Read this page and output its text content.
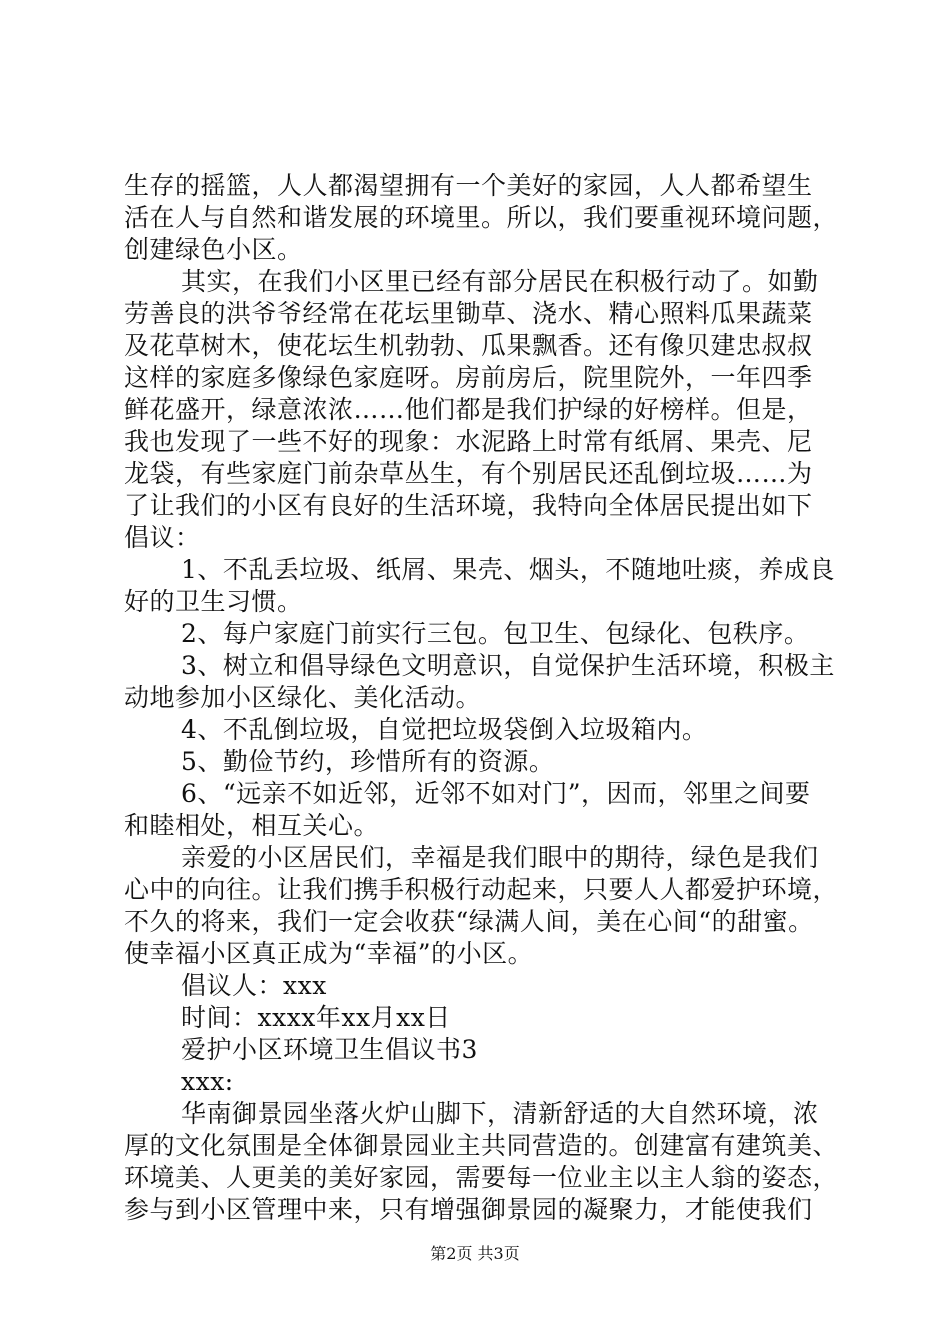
生存的摇篮，人人都渴望拥有一个美好的家园，人人都希望生
活在人与自然和谐发展的环境里。所以，我们要重视环境问题，
创建绿色小区。
其实，在我们小区里已经有部分居民在积极行动了。如勤
劳善良的洪爷爷经常在花坛里锄草、浇水、精心照料瓜果蔬菜
及花草树木，使花坛生机勃勃、瓜果飘香。还有像贝建忠叔叔
这样的家庭多像绿色家庭呀。房前房后，院里院外，一年四季
鲜花盛开，绿意浓浓……他们都是我们护绿的好榜样。但是，
我也发现了一些不好的现象：水泥路上时常有纸屑、果壳、尼
龙袋，有些家庭门前杂草丛生，有个别居民还乱倒垃圾……为
了让我们的小区有良好的生活环境，我特向全体居民提出如下
倡议：
1、不乱丢垃圾、纸屑、果壳、烟头，不随地吐痰，养成良
好的卫生习惯。
2、每户家庭门前实行三包。包卫生、包绿化、包秩序。
3、树立和倡导绿色文明意识，自觉保护生活环境，积极主
动地参加小区绿化、美化活动。
4、不乱倒垃圾，自觉把垃圾袋倒入垃圾箱内。
5、勤俭节约，珍惜所有的资源。
6、“远亲不如近邻，近邻不如对门”，因而，邻里之间要
和睦相处，相互关心。
亲爱的小区居民们，幸福是我们眼中的期待，绿色是我们
心中的向往。让我们携手积极行动起来，只要人人都爱护环境，
不久的将来，我们一定会收获“绿满人间，美在心间“的甜蜜。
使幸福小区真正成为“幸福”的小区。
倡议人：xxx
时间：xxxx年xx月xx日
爱护小区环境卫生倡议书3
xxx:
华南御景园坐落火炉山脚下，清新舒适的大自然环境，浓
厚的文化氛围是全体御景园业主共同营造的。创建富有建筑美、
环境美、人更美的美好家园，需要每一位业主以主人翁的姿态，
参与到小区管理中来，只有增强御景园的凝聚力，才能使我们
第2页 共3页
